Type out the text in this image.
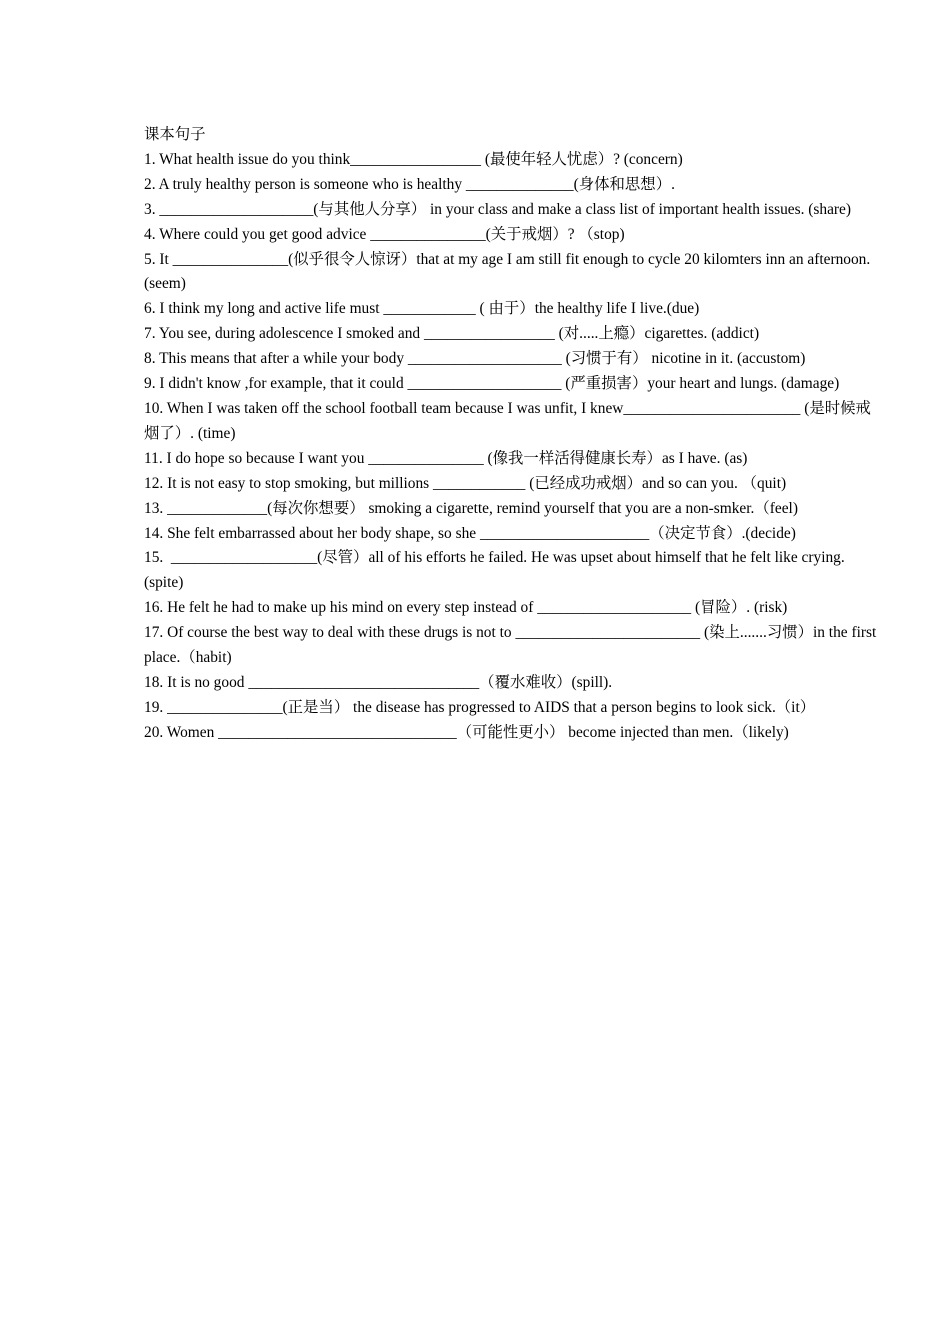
课本句子
1. What health issue do you think_________________ (最使年轻人忧虑）? (concern)
2. A truly healthy person is someone who is healthy ______________(身体和思想）.
3. ____________________(与其他人分享） in your class and make a class list of important health issues. (share)
4. Where could you get good advice _______________(关于戒烟）? （stop)
5. It _______________(似乎很令人惊讶）that at my age I am still fit enough to cycle 20 kilomters inn an afternoon. (seem)
6. I think my long and active life must ____________ ( 由于）the healthy life I live.(due)
7. You see, during adolescence I smoked and _________________ (对.....上瘾）cigarettes. (addict)
8. This means that after a while your body ____________________ (习惯于有） nicotine in it. (accustom)
9. I didn't know ,for example, that it could ____________________ (严重损害）your heart and lungs. (damage)
10. When I was taken off the school football team because I was unfit, I knew_______________________ (是时候戒烟了）. (time)
11. I do hope so because I want you _______________ (像我一样活得健康长寿）as I have. (as)
12. It is not easy to stop smoking, but millions ____________ (已经成功戒烟）and so can you. （quit)
13. _____________(每次你想要） smoking a cigarette, remind yourself that you are a non-smker.（feel)
14. She felt embarrassed about her body shape, so she ______________________（决定节食）.(decide)
15.  ___________________(尽管）all of his efforts he failed. He was upset about himself that he felt like crying. (spite)
16. He felt he had to make up his mind on every step instead of ____________________ (冒险）. (risk)
17. Of course the best way to deal with these drugs is not to ________________________ (染上.......习惯）in the first place.（habit)
18. It is no good ______________________________（覆水难收）(spill).
19. _______________(正是当） the disease has progressed to AIDS that a person begins to look sick.（it）
20. Women _______________________________（可能性更小） become injected than men.（likely)
